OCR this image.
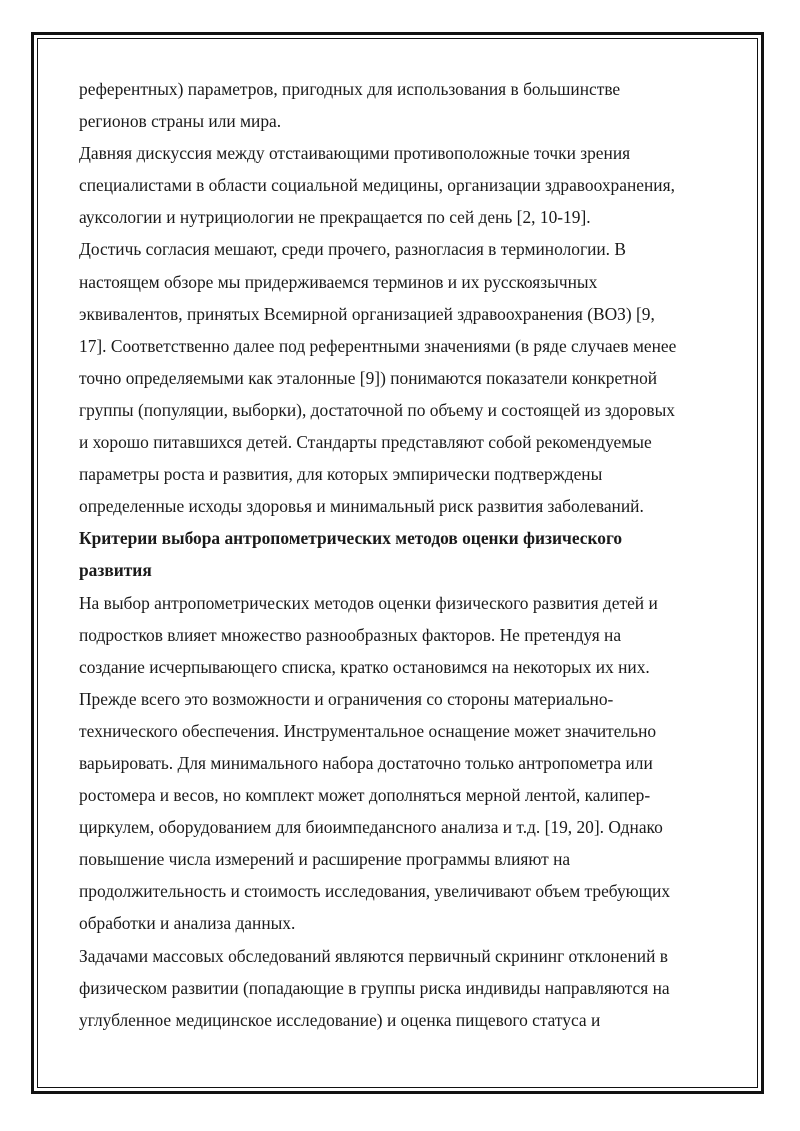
референтных) параметров, пригодных для использования в большинстве
регионов страны или мира.
Давняя дискуссия между отстаивающими противоположные точки зрения
специалистами в области социальной медицины, организации здравоохранения,
ауксологии и нутрициологии не прекращается по сей день [2, 10-19].
Достичь согласия мешают, среди прочего, разногласия в терминологии. В
настоящем обзоре мы придерживаемся терминов и их русскоязычных
эквивалентов, принятых Всемирной организацией здравоохранения (ВОЗ) [9,
17]. Соответственно далее под референтными значениями (в ряде случаев менее
точно определяемыми как эталонные [9]) понимаются показатели конкретной
группы (популяции, выборки), достаточной по объему и состоящей из здоровых
и хорошо питавшихся детей. Стандарты представляют собой рекомендуемые
параметры роста и развития, для которых эмпирически подтверждены
определенные исходы здоровья и минимальный риск развития заболеваний.
Критерии выбора антропометрических методов оценки физического
развития
На выбор антропометрических методов оценки физического развития детей и
подростков влияет множество разнообразных факторов. Не претендуя на
создание исчерпывающего списка, кратко остановимся на некоторых их них.
Прежде всего это возможности и ограничения со стороны материально-
технического обеспечения. Инструментальное оснащение может значительно
варьировать. Для минимального набора достаточно только антропометра или
ростомера и весов, но комплект может дополняться мерной лентой, калипер-
циркулем, оборудованием для биоимпедансного анализа и т.д. [19, 20]. Однако
повышение числа измерений и расширение программы влияют на
продолжительность и стоимость исследования, увеличивают объем требующих
обработки и анализа данных.
Задачами массовых обследований являются первичный скрининг отклонений в
физическом развитии (попадающие в группы риска индивиды направляются на
углубленное медицинское исследование) и оценка пищевого статуса и
